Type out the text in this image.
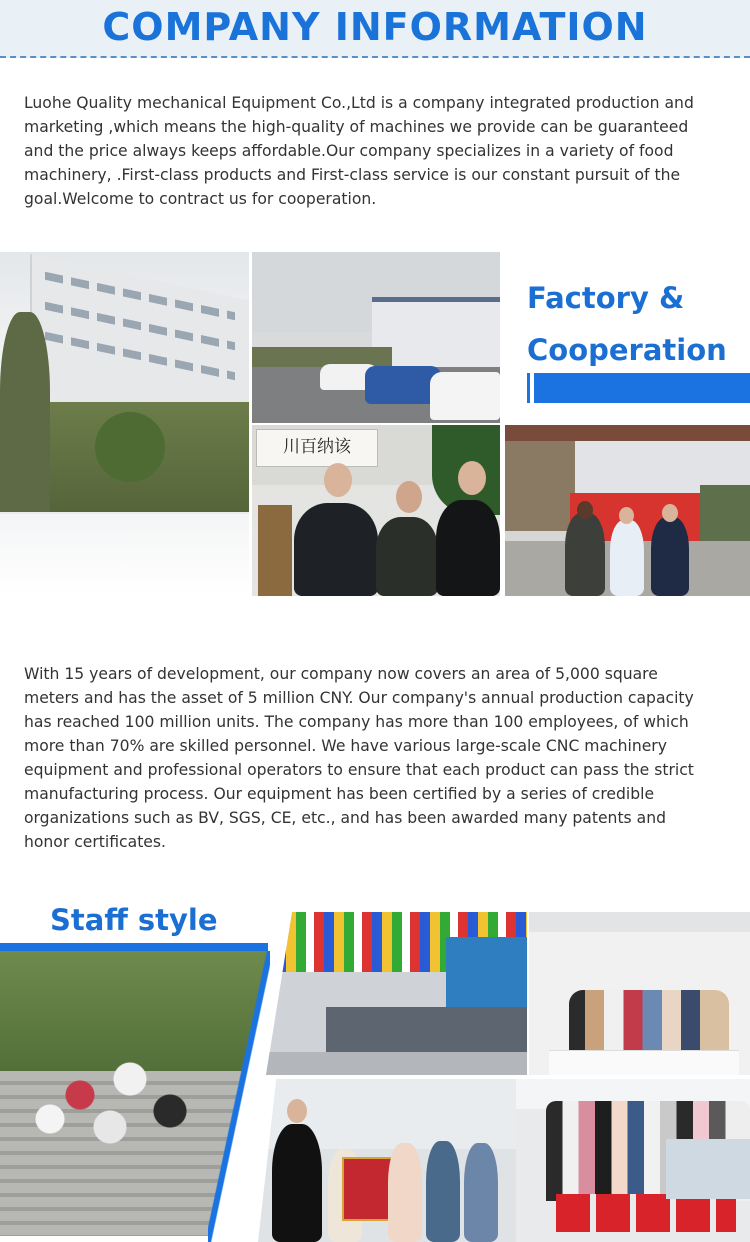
COMPANY INFORMATION
Luohe Quality mechanical Equipment Co.,Ltd is a company integrated production and
marketing ,which means the high-quality of machines we provide can be guaranteed
and the price always keeps affordable.Our company specializes in a variety of food
machinery, .First-class products and First-class service is our constant pursuit of the
goal.Welcome to contract us for cooperation.
川百纳该
Factory &
Cooperation
With 15 years of development, our company now covers an area of 5,000 square
meters and has the asset of 5 million CNY. Our company's annual production capacity
has reached 100 million units. The company has more than 100 employees, of which
more than 70% are skilled personnel. We have various large-scale CNC machinery
equipment and professional operators to ensure that each product can pass the strict
manufacturing process. Our equipment has been certified by a series of credible
organizations such as BV, SGS, CE, etc., and has been awarded many patents and
honor certificates.
Staff style
